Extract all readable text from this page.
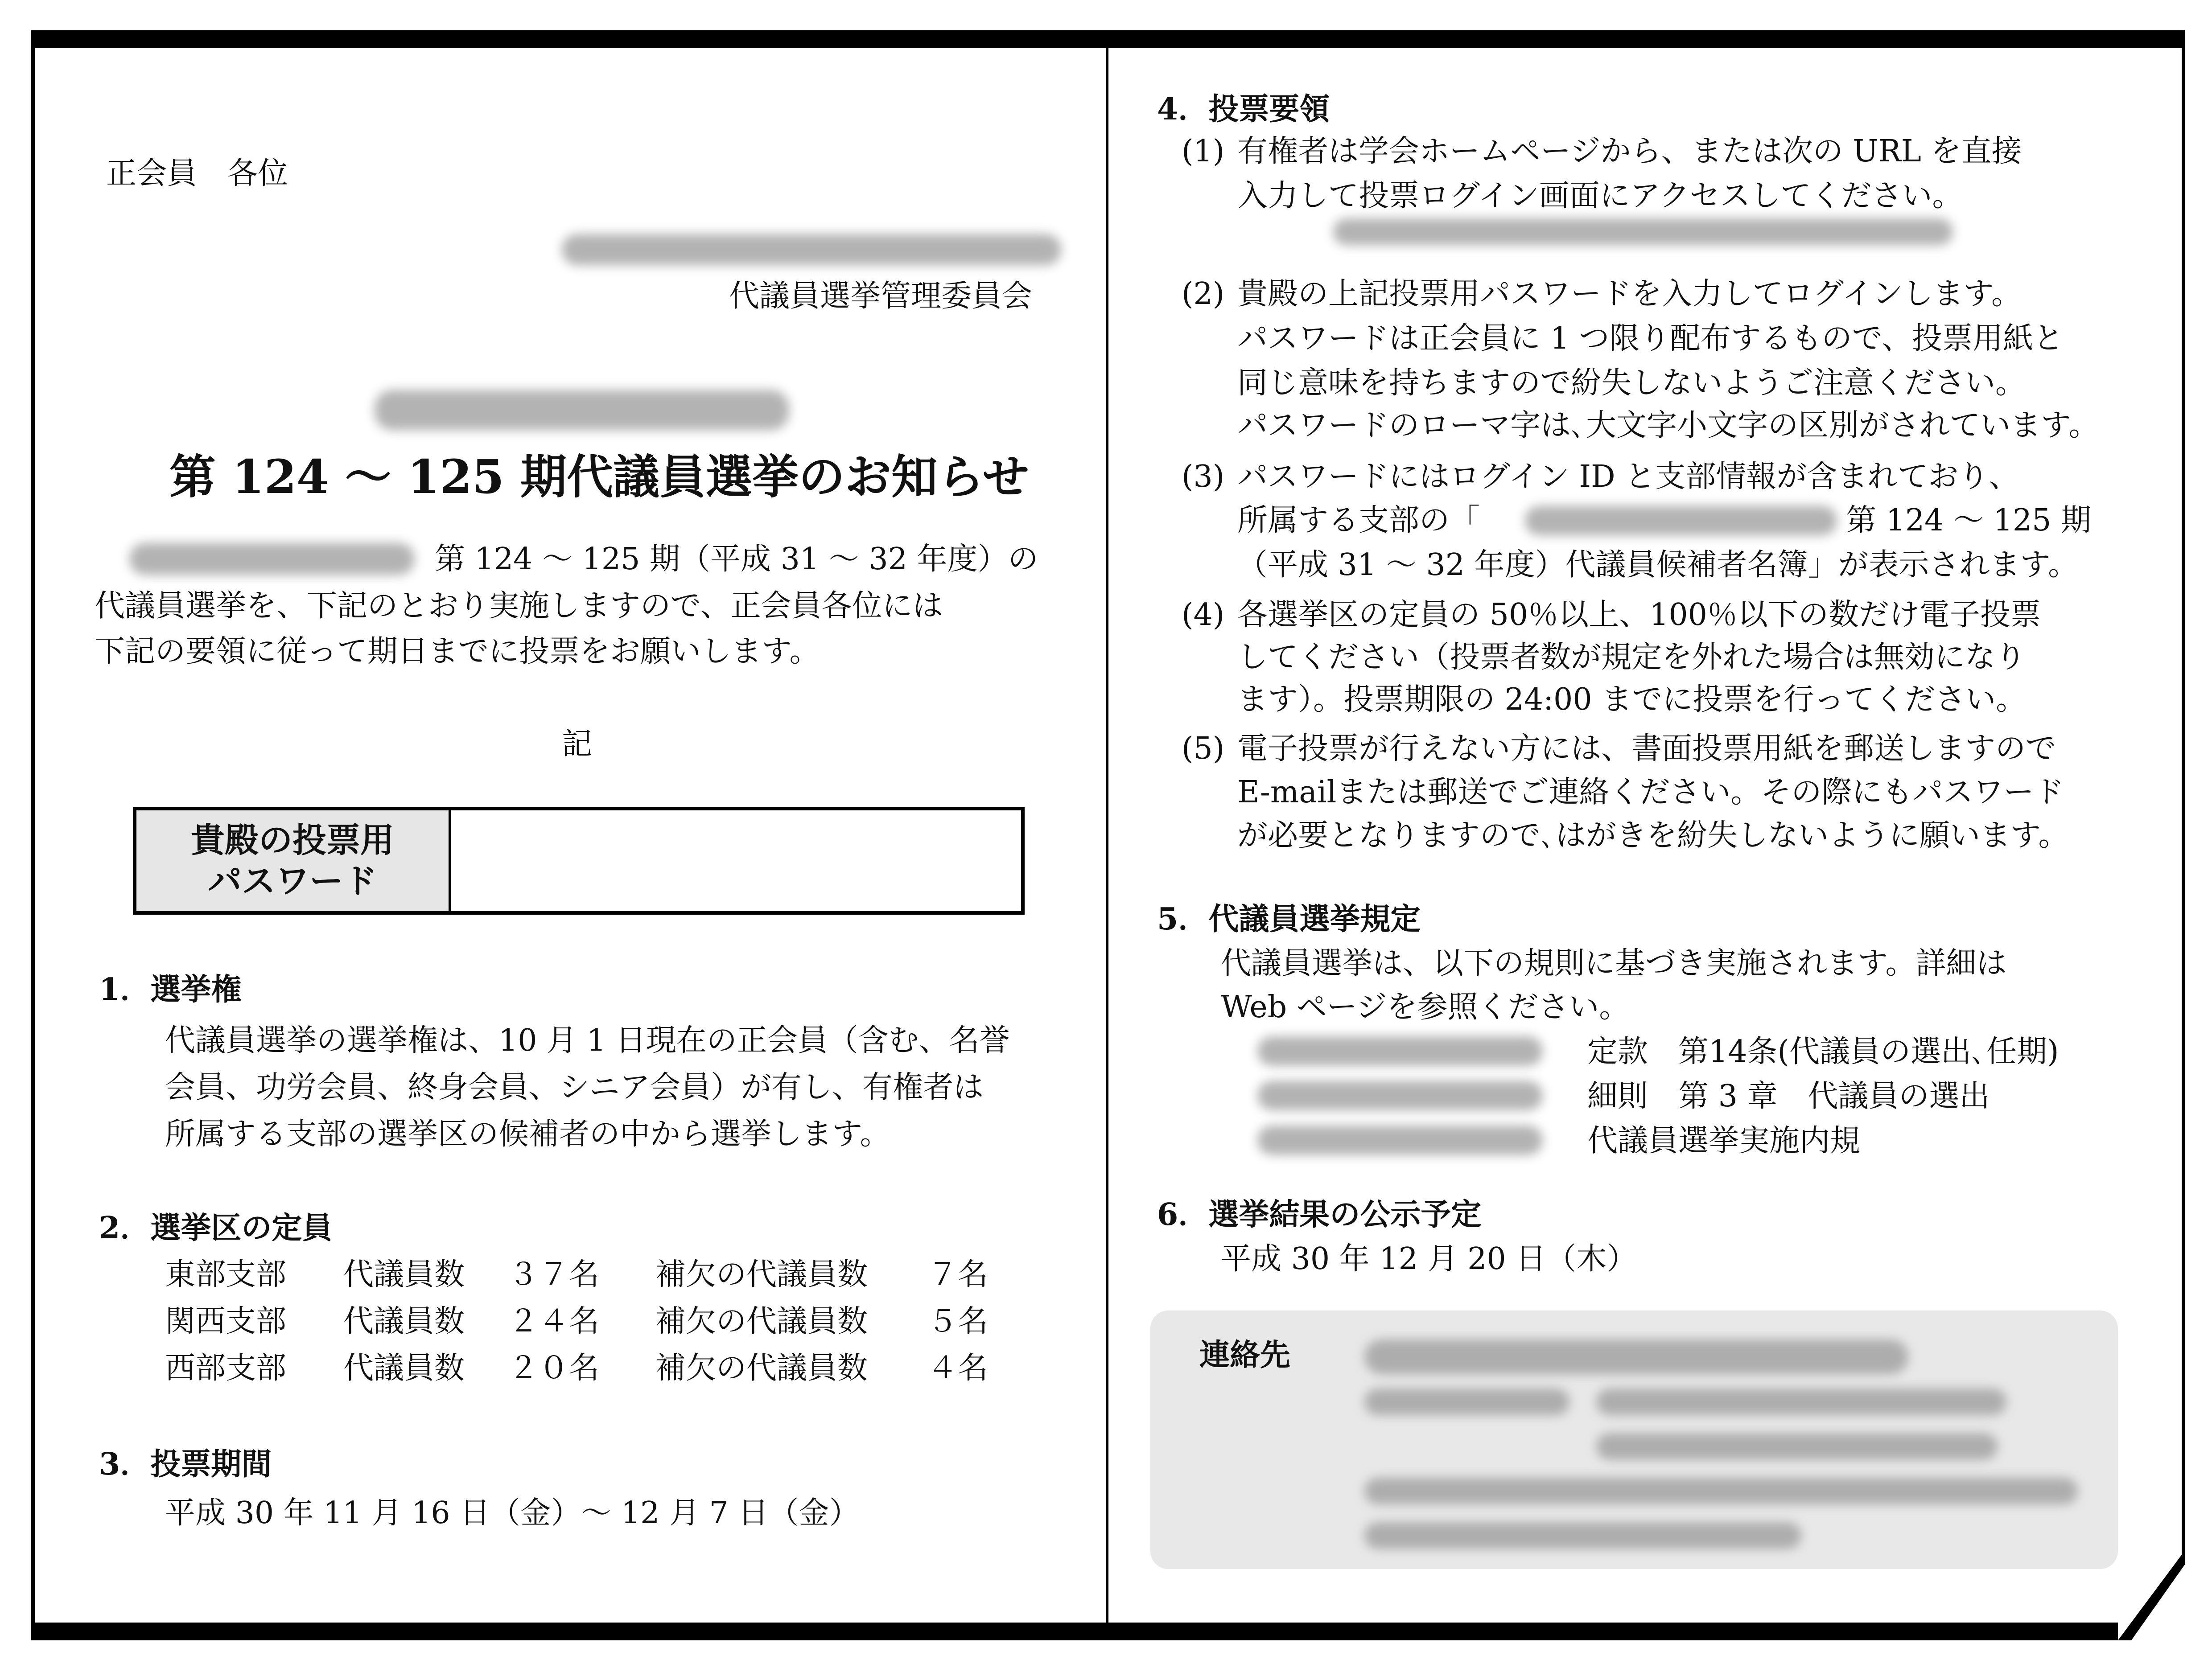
正会員　各位
代議員選挙管理委員会
第 124 ～ 125 期代議員選挙のお知らせ
第 124 ～ 125 期（平成 31 ～ 32 年度）の
代議員選挙を、下記のとおり実施しますので、正会員各位には
下記の要領に従って期日までに投票をお願いします。
記
貴殿の投票用
パスワード
1．選挙権
代議員選挙の選挙権は、10 月 1 日現在の正会員（含む、名誉
会員、功労会員、終身会員、シニア会員）が有し、有権者は
所属する支部の選挙区の候補者の中から選挙します。
2．選挙区の定員
東部支部 代議員数 ３７名 補欠の代議員数 ７名
関西支部 代議員数 ２４名 補欠の代議員数 ５名
西部支部 代議員数 ２０名 補欠の代議員数 ４名
3．投票期間
平成 30 年 11 月 16 日（金）～ 12 月 7 日（金）
4．投票要領
(1) 有権者は学会ホームページから、または次の URL を直接
入力して投票ログイン画面にアクセスしてください。
(2) 貴殿の上記投票用パスワードを入力してログインします。
パスワードは正会員に 1 つ限り配布するもので、投票用紙と
同じ意味を持ちますので紛失しないようご注意ください。
パスワードのローマ字は､大文字小文字の区別がされています。
(3) パスワードにはログイン ID と支部情報が含まれており、
所属する支部の「	第 124 ～ 125 期
（平成 31 ～ 32 年度）代議員候補者名簿」が表示されます。
(4) 各選挙区の定員の 50％以上、100％以下の数だけ電子投票
してください（投票者数が規定を外れた場合は無効になり
ます）。投票期限の 24:00 までに投票を行ってください。
(5) 電子投票が行えない方には、書面投票用紙を郵送しますので
E-mailまたは郵送でご連絡ください。その際にもパスワード
が必要となりますので､はがきを紛失しないように願います。
5．代議員選挙規定
代議員選挙は、以下の規則に基づき実施されます。詳細は
Web ページを参照ください。
定款　第14条(代議員の選出､任期)
細則　第 3 章　代議員の選出
代議員選挙実施内規
6．選挙結果の公示予定
平成 30 年 12 月 20 日（木）
連絡先
